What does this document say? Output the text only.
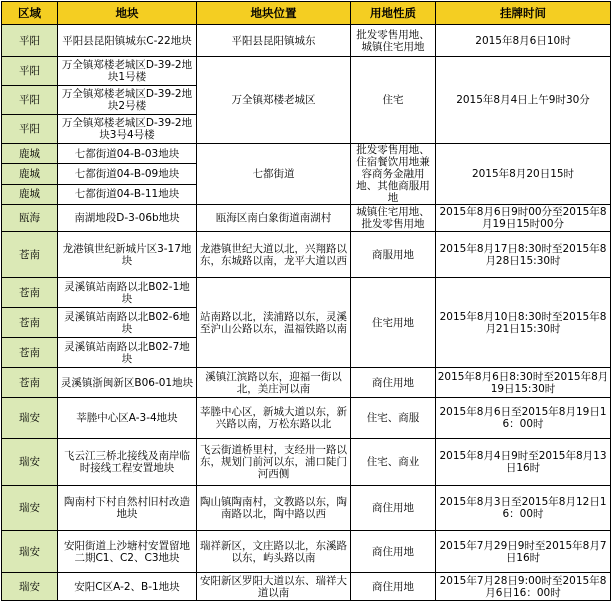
区域	地块	地块位置	用地性质	挂牌时间
平阳	平阳县昆阳镇城东C-22地块	平阳县昆阳镇城东	批发零售用地、城镇住宅用地	2015年8月6日10时
平阳	万全镇郑楼老城区D-39-2地块1号楼	万全镇郑楼老城区	住宅	2015年8月4日上午9时30分
平阳	万全镇郑楼老城区D-39-2地块2号楼			
平阳	万全镇郑楼老城区D-39-2地块3号4号楼			
鹿城	七都街道04-B-03地块	七都街道	批发零售用地、住宿餐饮用地兼容商务金融用地、其他商服用地	2015年8月20日15时
鹿城	七都街道04-B-09地块			
鹿城	七都街道04-B-11地块			
瓯海	南湖地段D-3-06b地块	瓯海区南白象街道南湖村	城镇住宅用地、批发零售用地	2015年8月6日9时00分至2015年8月19日15时00分
苍南	龙港镇世纪新城片区3-17地块	龙港镇世纪大道以北，兴翔路以东，东城路以南，龙平大道以西	商服用地	2015年8月17日8:30时至2015年8月28日15:30时
苍南	灵溪镇站南路以北B02-1地块	站南路以北，渎浦路以东，灵溪至沪山公路以东，温福铁路以南	住宅用地	2015年8月10日8:30时至2015年8月21日15:30时
苍南	灵溪镇站南路以北B02-6地块			
苍南	灵溪镇站南路以北B02-7地块			
苍南	灵溪镇浙闽新区B06-01地块	溪镇江滨路以东，迎福一街以北，美庄河以南	商住用地	2015年8月6日8:30时至2015年8月19日15:30时
瑞安	莘塍中心区A-3-4地块	莘塍中心区，新城大道以东，新兴路以南，万松东路以北	住宅、商服	2015年8月6日至2015年8月19日16：00时
瑞安	飞云江三桥北接线及南岸临时接线工程安置地块	飞云街道桥里村，支经卅一路以东，规划门前河以东，浦口陡门河西侧	住宅、商业	2015年8月4日9时至2015年8月13日16时
瑞安	陶南村下村自然村旧村改造地块	陶山镇陶南村，文教路以东，陶南路以北，陶中路以西	商住用地	2015年8月3日至2015年8月12日16：00时
瑞安	安阳街道上沙塘村安置留地二期C1、C2、C3地块	瑞祥新区，文庄路以北，东溪路以东，屿头路以南	商住用地	2015年7月29日9时至2015年8月7日16时
瑞安	安阳C区A-2、B-1地块	安阳新区罗阳大道以东、瑞祥大道以南	商住用地	2015年7月28日9:00时至2015年8月6日16：00时
